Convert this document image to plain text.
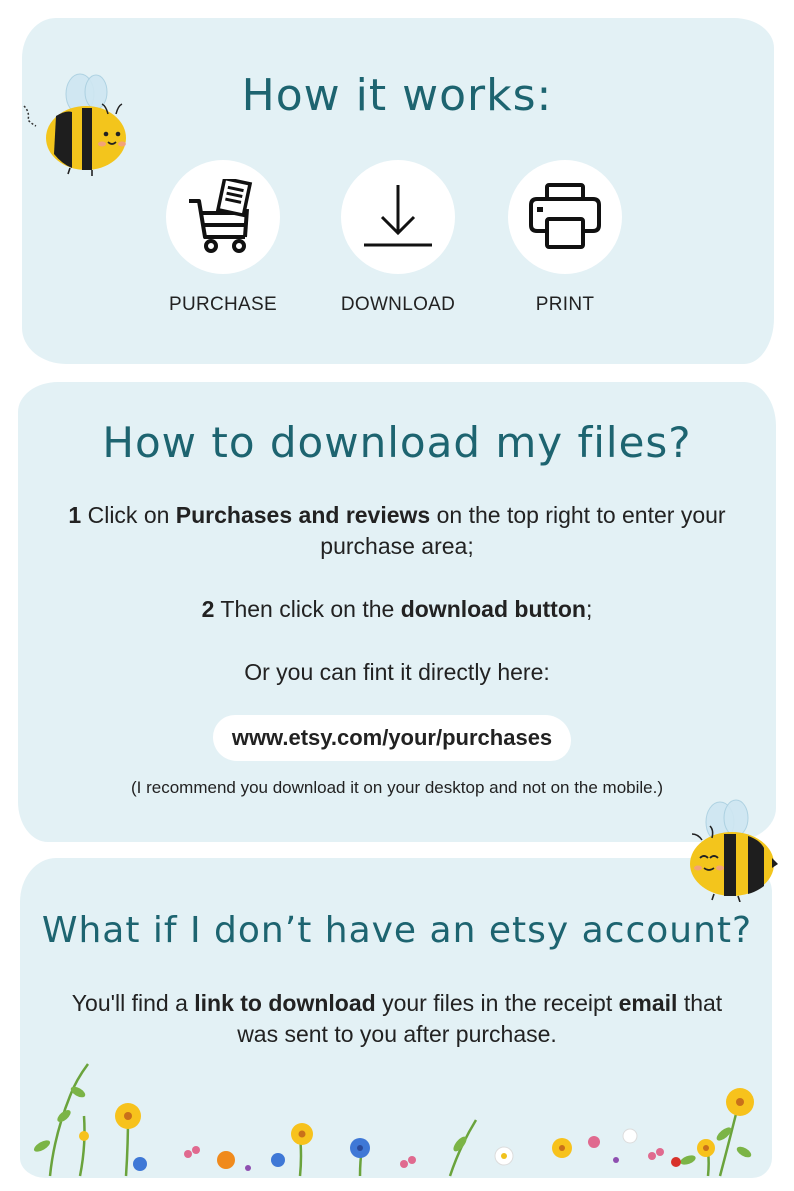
How it works:
PURCHASE	DOWNLOAD	PRINT
How to download my files?

1 Click on Purchases and reviews on the top right to enter your purchase area;

2 Then click on the download button;

Or you can fint it directly here:

www.etsy.com/your/purchases
(I recommend you download it on your desktop and not on the mobile.)
What if I don’t have an etsy account?

You'll find a link to download your files in the receipt email that was sent to you after purchase.
